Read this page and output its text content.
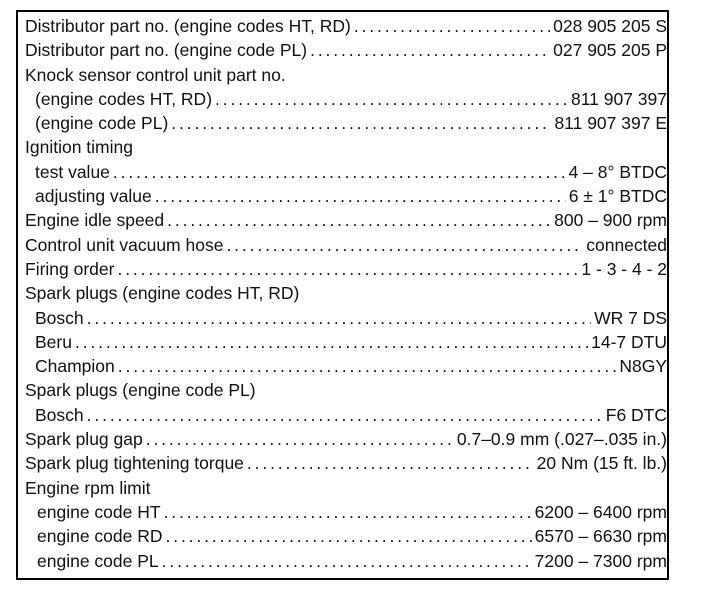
Distributor part no. (engine codes HT, RD) . . .	028 905 205 S
Distributor part no. (engine code PL) . . .	027 905 205 P
Knock sensor control unit part no.
(engine codes HT, RD) . . .	811 907 397
(engine code PL) . . .	811 907 397 E
Ignition timing
test value . . .	4 – 8° BTDC
adjusting value . . .	6 ± 1° BTDC
Engine idle speed . . .	800 – 900 rpm
Control unit vacuum hose . . .	connected
Firing order . . .	1 - 3 - 4 - 2
Spark plugs (engine codes HT, RD)
Bosch . . .	WR 7 DS
Beru . . .	14-7 DTU
Champion . . .	N8GY
Spark plugs (engine code PL)
Bosch . . .	F6 DTC
Spark plug gap . . .	0.7–0.9 mm (.027–.035 in.)
Spark plug tightening torque . . .	20 Nm (15 ft. lb.)
Engine rpm limit
engine code HT . . .	6200 – 6400 rpm
engine code RD . . .	6570 – 6630 rpm
engine code PL . . .	7200 – 7300 rpm
